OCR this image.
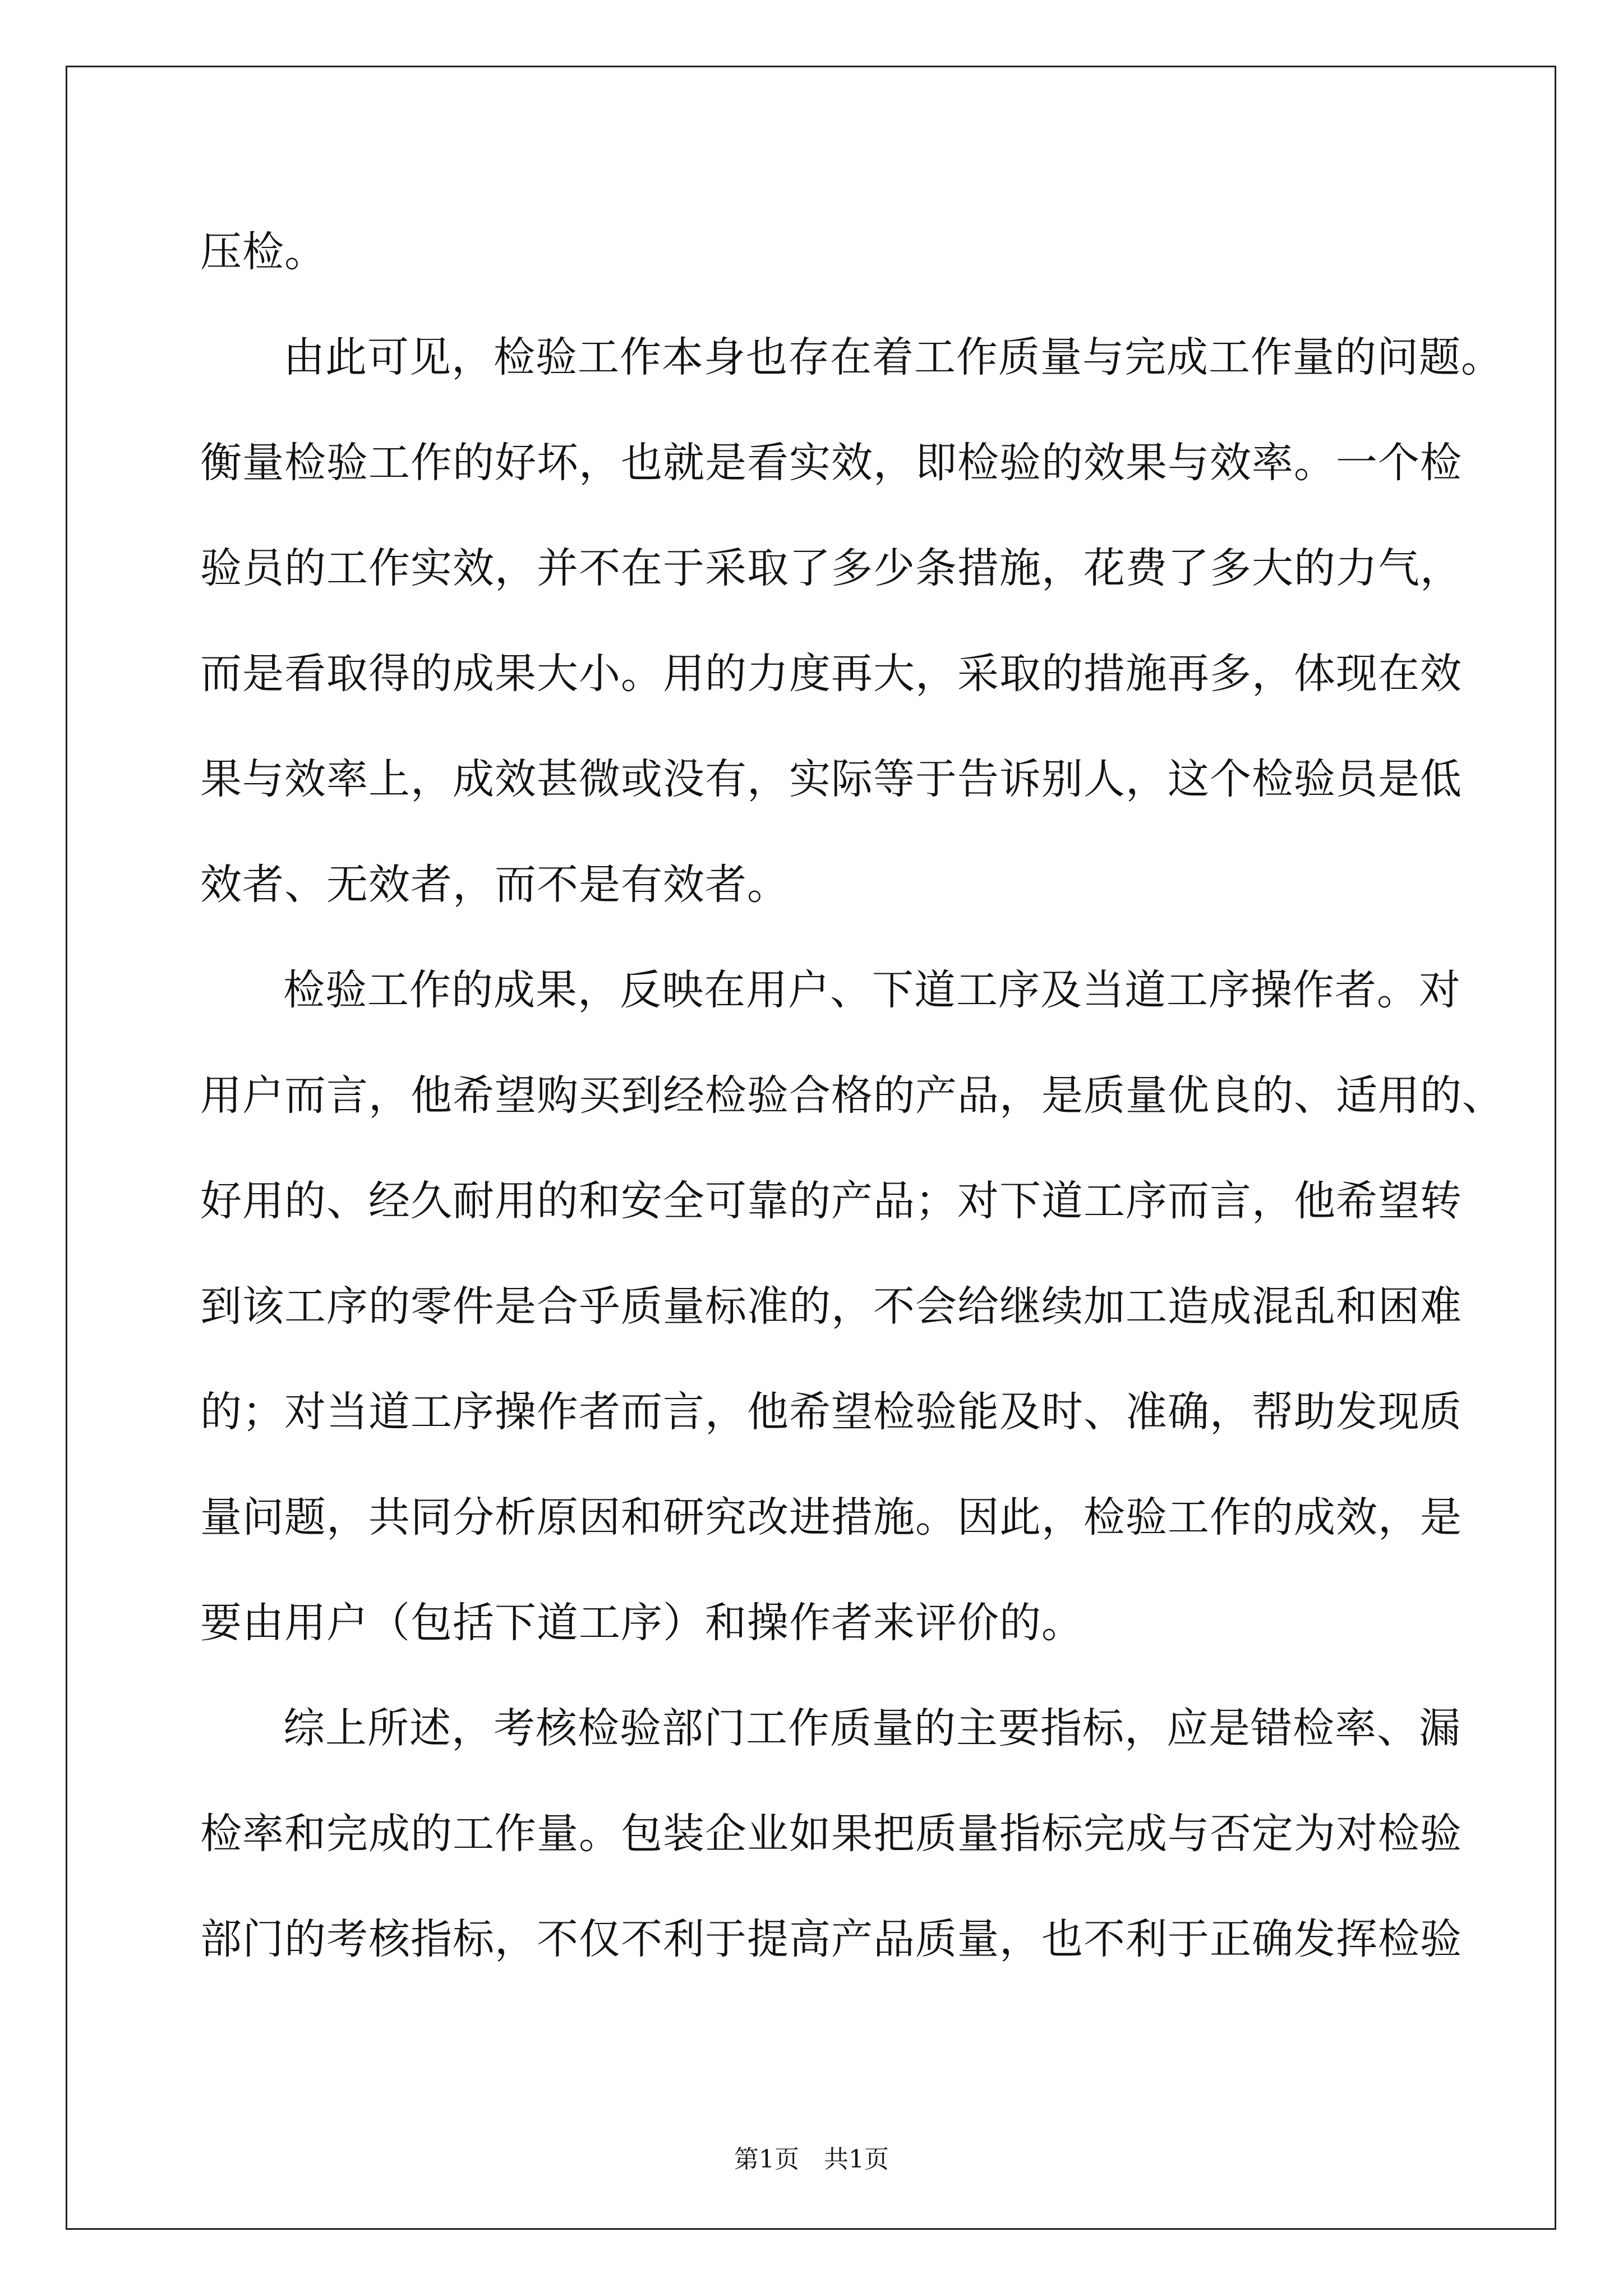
压检。
由此可见，检验工作本身也存在着工作质量与完成工作量的问题。
衡量检验工作的好坏，也就是看实效，即检验的效果与效率。一个检
验员的工作实效，并不在于采取了多少条措施，花费了多大的力气，
而是看取得的成果大小。用的力度再大，采取的措施再多，体现在效
果与效率上，成效甚微或没有，实际等于告诉别人，这个检验员是低
效者、无效者，而不是有效者。
检验工作的成果，反映在用户、下道工序及当道工序操作者。对
用户而言，他希望购买到经检验合格的产品，是质量优良的、适用的、
好用的、经久耐用的和安全可靠的产品；对下道工序而言，他希望转
到该工序的零件是合乎质量标准的，不会给继续加工造成混乱和困难
的；对当道工序操作者而言，他希望检验能及时、准确，帮助发现质
量问题，共同分析原因和研究改进措施。因此，检验工作的成效，是
要由用户（包括下道工序）和操作者来评价的。
综上所述，考核检验部门工作质量的主要指标，应是错检率、漏
检率和完成的工作量。包装企业如果把质量指标完成与否定为对检验
部门的考核指标，不仅不利于提高产品质量，也不利于正确发挥检验
第1页　共1页
